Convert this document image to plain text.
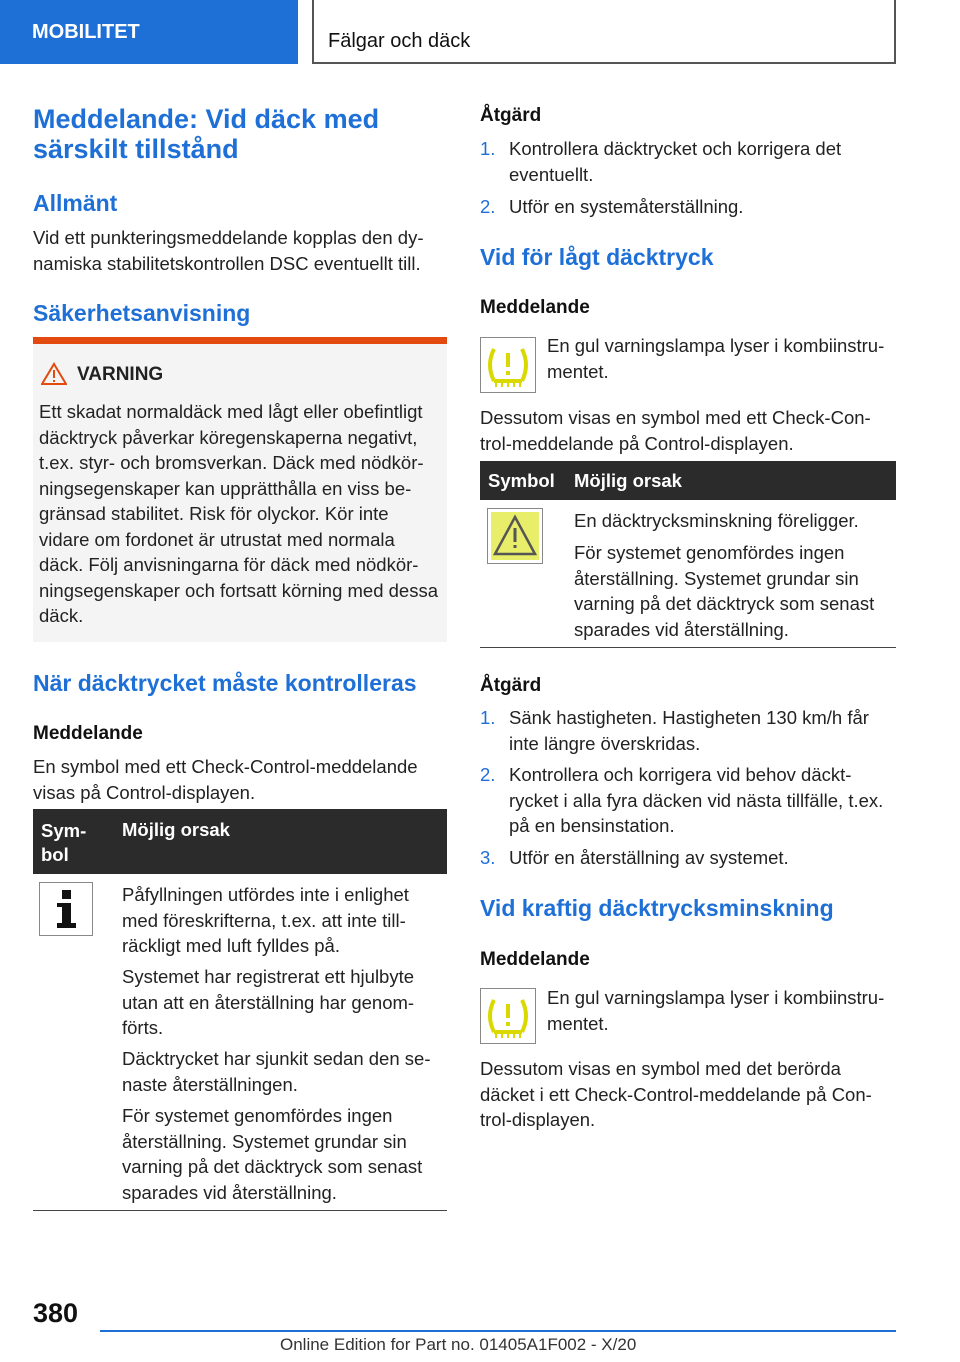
MOBILITET	Fälgar och däck
Meddelande: Vid däck med särskilt tillstånd
Allmänt
Vid ett punkteringsmeddelande kopplas den dy-namiska stabilitetskontrollen DSC eventuellt till.
Säkerhetsanvisning
VARNING
Ett skadat normaldäck med lågt eller obefintligt däcktryck påverkar köregenskaperna negativt, t.ex. styr- och bromsverkan. Däck med nödkör-ningsegenskaper kan upprätthålla en viss be-gränsad stabilitet. Risk för olyckor. Kör inte vidare om fordonet är utrustat med normala däck. Följ anvisningarna för däck med nödkör-ningsegenskaper och fortsatt körning med dessa däck.
När däcktrycket måste kontrolleras
Meddelande
En symbol med ett Check-Control-meddelande visas på Control-displayen.
Sym-bol
Möjlig orsak
Påfyllningen utfördes inte i enlighet med föreskrifterna, t.ex. att inte till-räckligt med luft fylldes på.
Systemet har registrerat ett hjulbyte utan att en återställning har genom-förts.
Däcktrycket har sjunkit sedan den se-naste återställningen.
För systemet genomfördes ingen återställning. Systemet grundar sin varning på det däcktryck som senast sparades vid återställning.
Åtgärd
1. Kontrollera däcktrycket och korrigera det eventuellt.
2. Utför en systemåterställning.
Vid för lågt däcktryck
Meddelande
En gul varningslampa lyser i kombiinstru-mentet.
Dessutom visas en symbol med ett Check-Con-trol-meddelande på Control-displayen.
Symbol Möjlig orsak
En däcktrycksminskning föreligger.
För systemet genomfördes ingen återställning. Systemet grundar sin varning på det däcktryck som senast sparades vid återställning.
Åtgärd
1. Sänk hastigheten. Hastigheten 130 km/h får inte längre överskridas.
2. Kontrollera och korrigera vid behov däckt-rycket i alla fyra däcken vid nästa tillfälle, t.ex. på en bensinstation.
3. Utför en återställning av systemet.
Vid kraftig däcktrycksminskning
Meddelande
En gul varningslampa lyser i kombiinstru-mentet.
Dessutom visas en symbol med det berörda däcket i ett Check-Control-meddelande på Con-trol-displayen.
380
Online Edition for Part no. 01405A1F002 - X/20
